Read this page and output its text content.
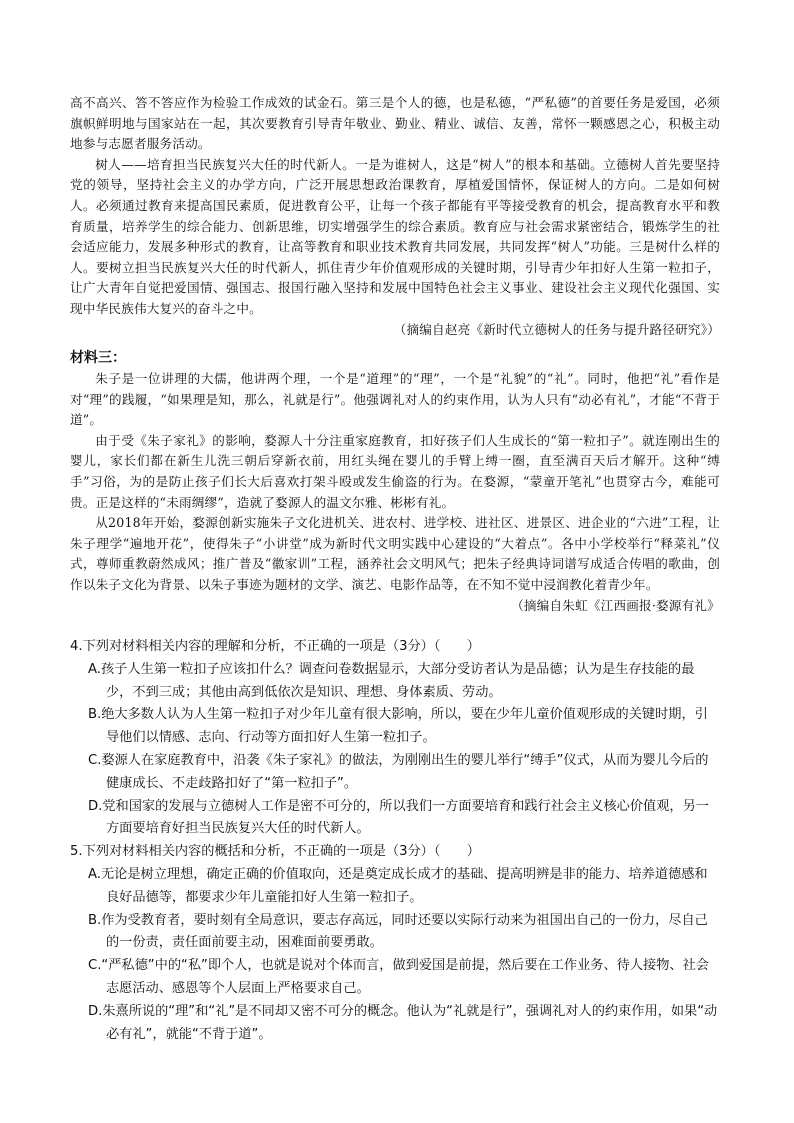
高不高兴、答不答应作为检验工作成效的试金石。第三是个人的德，也是私德，“严私德”的首要任务是爱国，必须旗帜鲜明地与国家站在一起，其次要教育引导青年敬业、勤业、精业、诚信、友善，常怀一颗感恩之心，积极主动地参与志愿者服务活动。

树人——培育担当民族复兴大任的时代新人。一是为谁树人，这是“树人”的根本和基础。立德树人首先要坚持党的领导，坚持社会主义的办学方向，广泛开展思想政治课教育，厚植爱国情怀，保证树人的方向。二是如何树人。必须通过教育来提高国民素质，促进教育公平，让每一个孩子都能有平等接受教育的机会，提高教育水平和教育质量，培养学生的综合能力、创新思维，切实增强学生的综合素质。教育应与社会需求紧密结合，锻炼学生的社会适应能力，发展多种形式的教育，让高等教育和职业技术教育共同发展，共同发挥“树人”功能。三是树什么样的人。要树立担当民族复兴大任的时代新人，抓住青少年价值观形成的关键时期，引导青少年扣好人生第一粒扣子，让广大青年自觉把爱国情、强国志、报国行融入坚持和发展中国特色社会主义事业、建设社会主义现代化强国、实现中华民族伟大复兴的奋斗之中。

（摘编自赵亮《新时代立德树人的任务与提升路径研究》）

材料三：

朱子是一位讲理的大儒，他讲两个理，一个是“道理”的“理”，一个是“礼貌”的“礼”。同时，他把“礼”看作是对“理”的践履，“如果理是知，那么，礼就是行”。他强调礼对人的约束作用，认为人只有“动必有礼”，才能“不背于道”。

由于受《朱子家礼》的影响，婺源人十分注重家庭教育，扣好孩子们人生成长的“第一粒扣子”。就连刚出生的婴儿，家长们都在新生儿洗三朝后穿新衣前，用红头绳在婴儿的手臂上缚一圈，直至满百天后才解开。这种“缚手”习俗，为的是防止孩子们长大后喜欢打架斗殴或发生偷盗的行为。在婺源，“蒙童开笔礼”也贯穿古今，难能可贵。正是这样的“未雨绸缪”，造就了婺源人的温文尔雅、彬彬有礼。

从2018年开始，婺源创新实施朱子文化进机关、进农村、进学校、进社区、进景区、进企业的“六进”工程，让朱子理学“遍地开花”，使得朱子“小讲堂”成为新时代文明实践中心建设的“大着点”。各中小学校举行“释菜礼”仪式，尊师重教蔚然成风；推广普及“徽家训”工程，涵养社会文明风气；把朱子经典诗词谱写成适合传唱的歌曲，创作以朱子文化为背景、以朱子事迹为题材的文学、演艺、电影作品等，在不知不觉中浸润教化着青少年。

（摘编自朱虹《江西画报·婺源有礼》

4.下列对材料相关内容的理解和分析，不正确的一项是（3分）（　　）

A.孩子人生第一粒扣子应该扣什么？调查问卷数据显示，大部分受访者认为是品德；认为是生存技能的最少，不到三成；其他由高到低依次是知识、理想、身体素质、劳动。

B.绝大多数人认为人生第一粒扣子对少年儿童有很大影响，所以，要在少年儿童价值观形成的关键时期，引导他们以情感、志向、行动等方面扣好人生第一粒扣子。

C.婺源人在家庭教育中，沿袭《朱子家礼》的做法，为刚刚出生的婴儿举行“缚手”仪式，从而为婴儿今后的健康成长、不走歧路扣好了“第一粒扣子”。

D.党和国家的发展与立德树人工作是密不可分的，所以我们一方面要培育和践行社会主义核心价值观，另一方面要培育好担当民族复兴大任的时代新人。

5.下列对材料相关内容的概括和分析，不正确的一项是（3分）（　　）

A.无论是树立理想，确定正确的价值取向，还是奠定成长成才的基础、提高明辨是非的能力、培养道德感和良好品德等，都要求少年儿童能扣好人生第一粒扣子。

B.作为受教育者，要时刻有全局意识，要志存高远，同时还要以实际行动来为祖国出自己的一份力，尽自己的一份责，责任面前要主动，困难面前要勇敢。

C.“严私德”中的“私”即个人，也就是说对个体而言，做到爱国是前提，然后要在工作业务、待人接物、社会志愿活动、感恩等个人层面上严格要求自己。

D.朱熹所说的“理”和“礼”是不同却又密不可分的概念。他认为“礼就是行”，强调礼对人的约束作用，如果“动必有礼”，就能“不背于道”。
